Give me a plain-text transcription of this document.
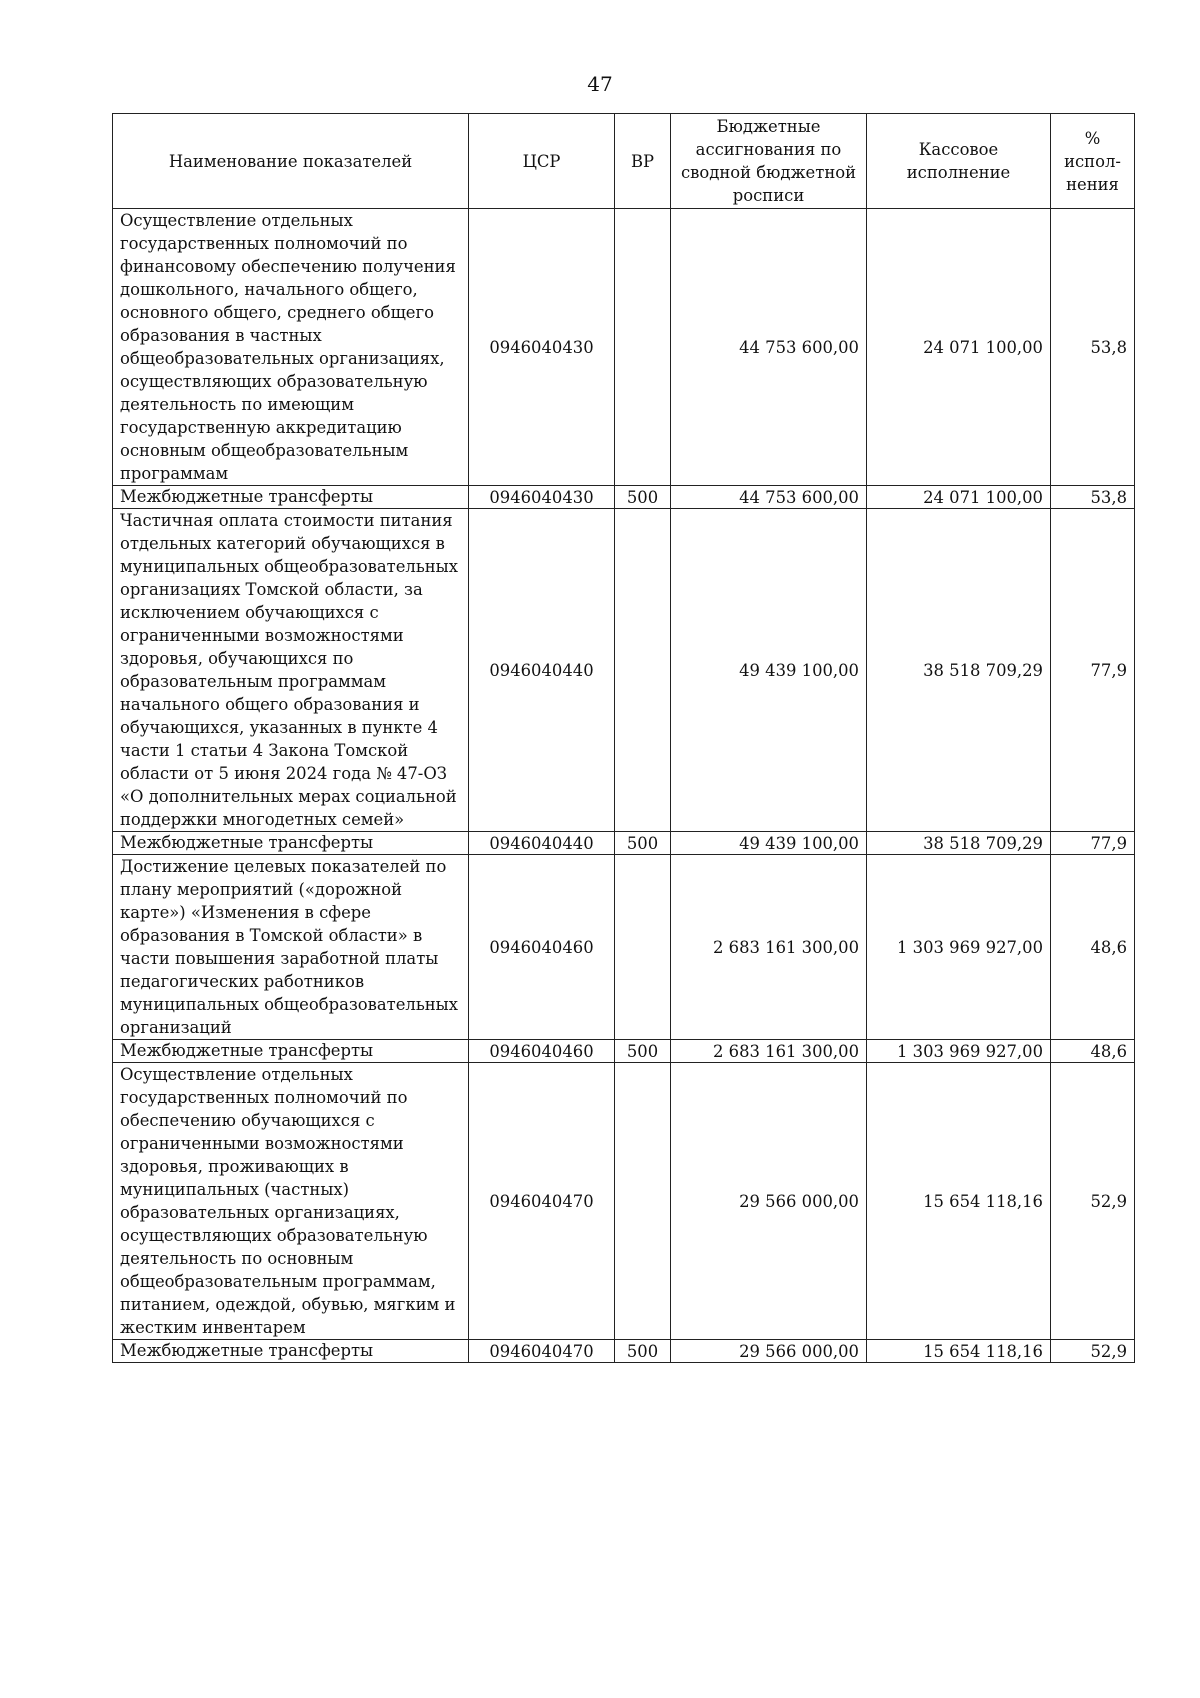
47
Наименование показателей	ЦСР	ВР	Бюджетные ассигнования по сводной бюджетной росписи	Кассовое исполнение	% испол- нения
Осуществление отдельных государственных полномочий по финансовому обеспечению получения дошкольного, начального общего, основного общего, среднего общего образования в частных общеобразовательных организациях, осуществляющих образовательную деятельность по имеющим государственную аккредитацию основным общеобразовательным программам	0946040430		44 753 600,00	24 071 100,00	53,8
Межбюджетные трансферты	0946040430	500	44 753 600,00	24 071 100,00	53,8
Частичная оплата стоимости питания отдельных категорий обучающихся в муниципальных общеобразовательных организациях Томской области, за исключением обучающихся с ограниченными возможностями здоровья, обучающихся по образовательным программам начального общего образования и обучающихся, указанных в пункте 4 части 1 статьи 4 Закона Томской области от 5 июня 2024 года № 47-ОЗ «О дополнительных мерах социальной поддержки многодетных семей»	0946040440		49 439 100,00	38 518 709,29	77,9
Межбюджетные трансферты	0946040440	500	49 439 100,00	38 518 709,29	77,9
Достижение целевых показателей по плану мероприятий («дорожной карте») «Изменения в сфере образования в Томской области» в части повышения заработной платы педагогических работников муниципальных общеобразовательных организаций	0946040460		2 683 161 300,00	1 303 969 927,00	48,6
Межбюджетные трансферты	0946040460	500	2 683 161 300,00	1 303 969 927,00	48,6
Осуществление отдельных государственных полномочий по обеспечению обучающихся с ограниченными возможностями здоровья, проживающих в муниципальных (частных) образовательных организациях, осуществляющих образовательную деятельность по основным общеобразовательным программам, питанием, одеждой, обувью, мягким и жестким инвентарем	0946040470		29 566 000,00	15 654 118,16	52,9
Межбюджетные трансферты	0946040470	500	29 566 000,00	15 654 118,16	52,9
